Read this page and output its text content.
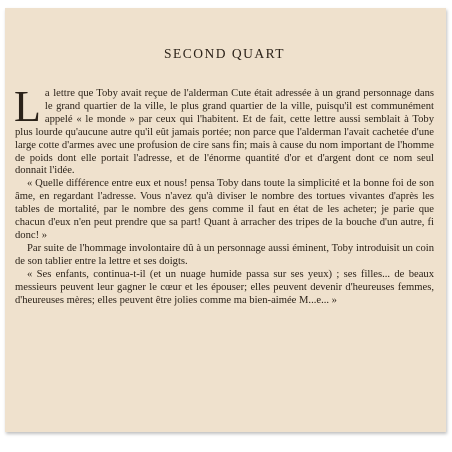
SECOND QUART

La lettre que Toby avait reçue de l'alderman Cute était adressée à un grand personnage dans le grand quartier de la ville, le plus grand quartier de la ville, puisqu'il est communément appelé « le monde » par ceux qui l'habitent. Et de fait, cette lettre aussi semblait à Toby plus lourde qu'aucune autre qu'il eût jamais portée; non parce que l'alderman l'avait cachetée d'une large cotte d'armes avec une profusion de cire sans fin; mais à cause du nom important de l'homme de poids dont elle portait l'adresse, et de l'énorme quantité d'or et d'argent dont ce nom seul donnait l'idée.

« Quelle différence entre eux et nous! pensa Toby dans toute la simplicité et la bonne foi de son âme, en regardant l'adresse. Vous n'avez qu'à diviser le nombre des tortues vivantes d'après les tables de mortalité, par le nombre des gens comme il faut en état de les acheter; je parie que chacun d'eux n'en peut prendre que sa part! Quant à arracher des tripes de la bouche d'un autre, fi donc! »

Par suite de l'hommage involontaire dû à un personnage aussi éminent, Toby introduisit un coin de son tablier entre la lettre et ses doigts.

« Ses enfants, continua-t-il (et un nuage humide passa sur ses yeux) ; ses filles... de beaux messieurs peuvent leur gagner le cœur et les épouser; elles peuvent devenir d'heureuses femmes, d'heureuses mères; elles peuvent être jolies comme ma bien-aimée M...e... »
